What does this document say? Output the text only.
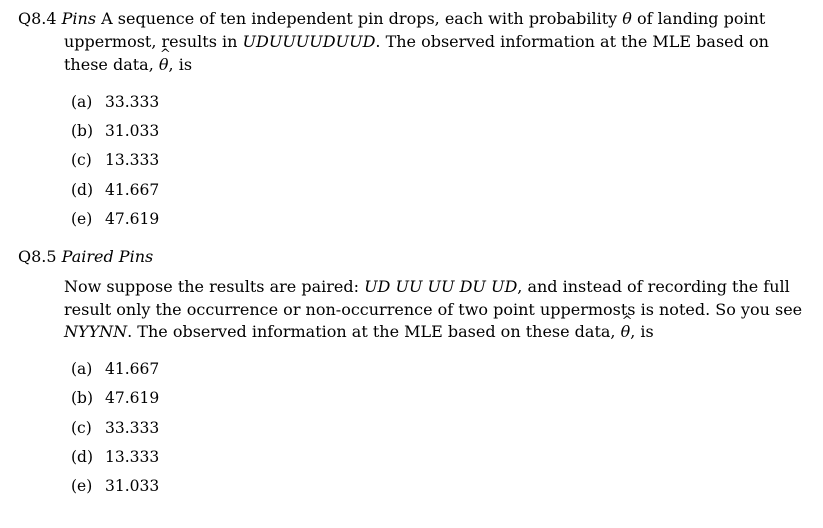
Q8.4 Pins A sequence of ten independent pin drops, each with probability θ of landing point
uppermost, results in UDUUUUDUUD. The observed information at the MLE based on
these data, ^ θ, is
(a) 33.333
(b) 31.033
(c) 13.333
(d) 41.667
(e) 47.619
Q8.5 Paired Pins
Now suppose the results are paired: UD UU UU DU UD, and instead of recording the full
result only the occurrence or non-occurrence of two point uppermosts is noted. So you see
NYYNN. The observed information at the MLE based on these data, ^ θ, is
(a) 41.667
(b) 47.619
(c) 33.333
(d) 13.333
(e) 31.033
